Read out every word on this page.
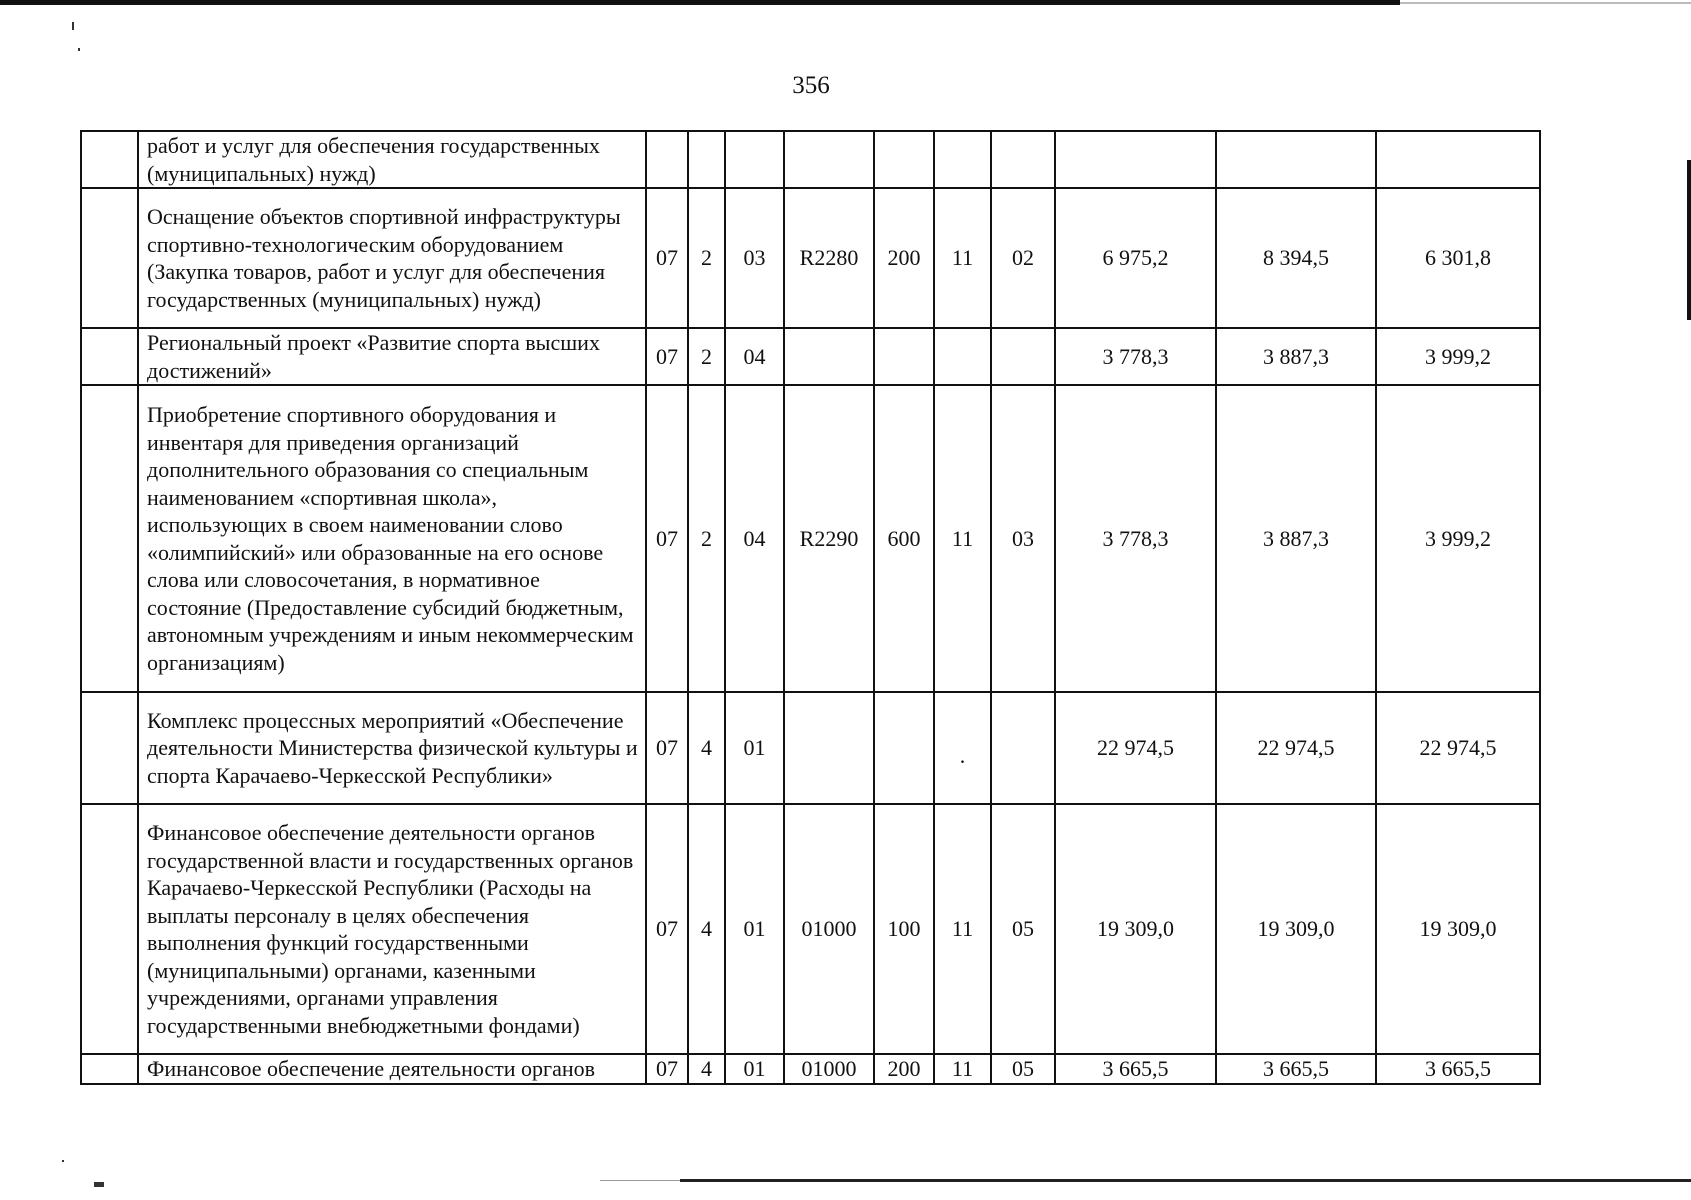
356
	работ и услуг для обеспечения государственных (муниципальных) нужд)										
	Оснащение объектов спортивной инфраструктуры спортивно-технологическим оборудованием (Закупка товаров, работ и услуг для обеспечения государственных (муниципальных) нужд)	07	2	03	R2280	200	11	02	6 975,2	8 394,5	6 301,8
	Региональный проект «Развитие спорта высших достижений»	07	2	04					3 778,3	3 887,3	3 999,2
	Приобретение спортивного оборудования и инвентаря для приведения организаций дополнительного образования со специальным наименованием «спортивная школа», использующих в своем наименовании слово «олимпийский» или образованные на его основе слова или словосочетания, в нормативное состояние (Предоставление субсидий бюджетным, автономным учреждениям и иным некоммерческим организациям)	07	2	04	R2290	600	11	03	3 778,3	3 887,3	3 999,2
	Комплекс процессных мероприятий «Обеспечение деятельности Министерства физической культуры и спорта Карачаево-Черкесской Республики»	07	4	01			.		22 974,5	22 974,5	22 974,5
	Финансовое обеспечение деятельности органов государственной власти и государственных органов Карачаево-Черкесской Республики (Расходы на выплаты персоналу в целях обеспечения выполнения функций государственными (муниципальными) органами, казенными учреждениями, органами управления государственными внебюджетными фондами)	07	4	01	01000	100	11	05	19 309,0	19 309,0	19 309,0
	Финансовое обеспечение деятельности органов	07	4	01	01000	200	11	05	3 665,5	3 665,5	3 665,5
